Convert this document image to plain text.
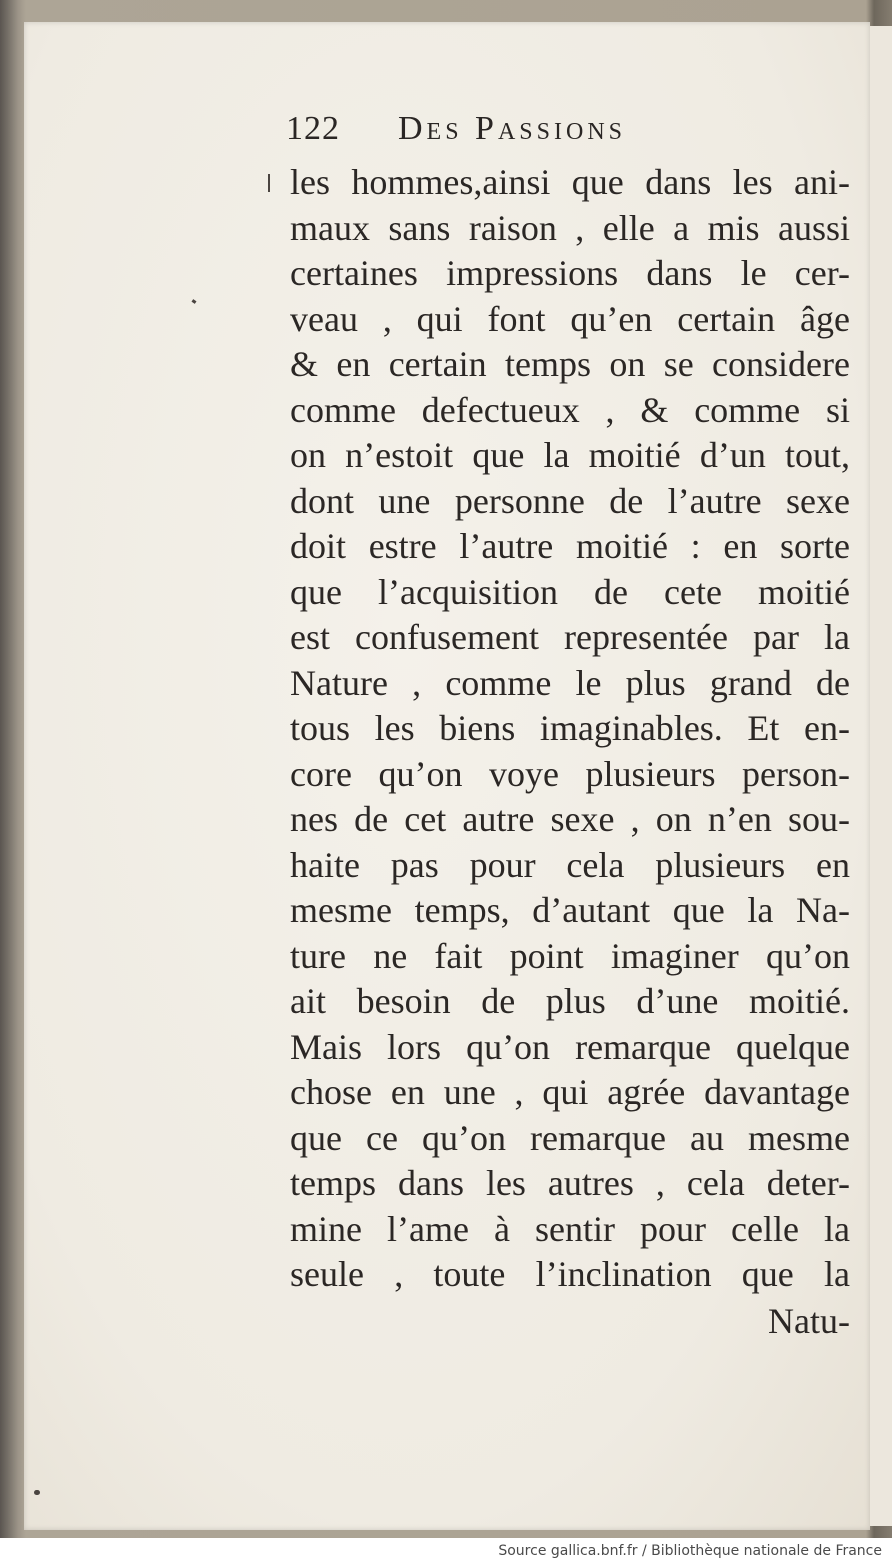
122 Des Passions
les hommes,ainsi que dans les ani-
maux sans raison , elle a mis aussi
certaines impressions dans le cer-
veau , qui font qu’en certain âge
& en certain temps on se considere
comme defectueux , & comme si
on n’estoit que la moitié d’un tout,
dont une personne de l’autre sexe
doit estre l’autre moitié : en sorte
que l’acquisition de cete moitié
est confusement representée par la
Nature , comme le plus grand de
tous les biens imaginables. Et en-
core qu’on voye plusieurs person-
nes de cet autre sexe , on n’en sou-
haite pas pour cela plusieurs en
mesme temps, d’autant que la Na-
ture ne fait point imaginer qu’on
ait besoin de plus d’une moitié.
Mais lors qu’on remarque quelque
chose en une , qui agrée davantage
que ce qu’on remarque au mesme
temps dans les autres , cela deter-
mine l’ame à sentir pour celle la
seule , toute l’inclination que la
Natu-
Source gallica.bnf.fr / Bibliothèque nationale de France
